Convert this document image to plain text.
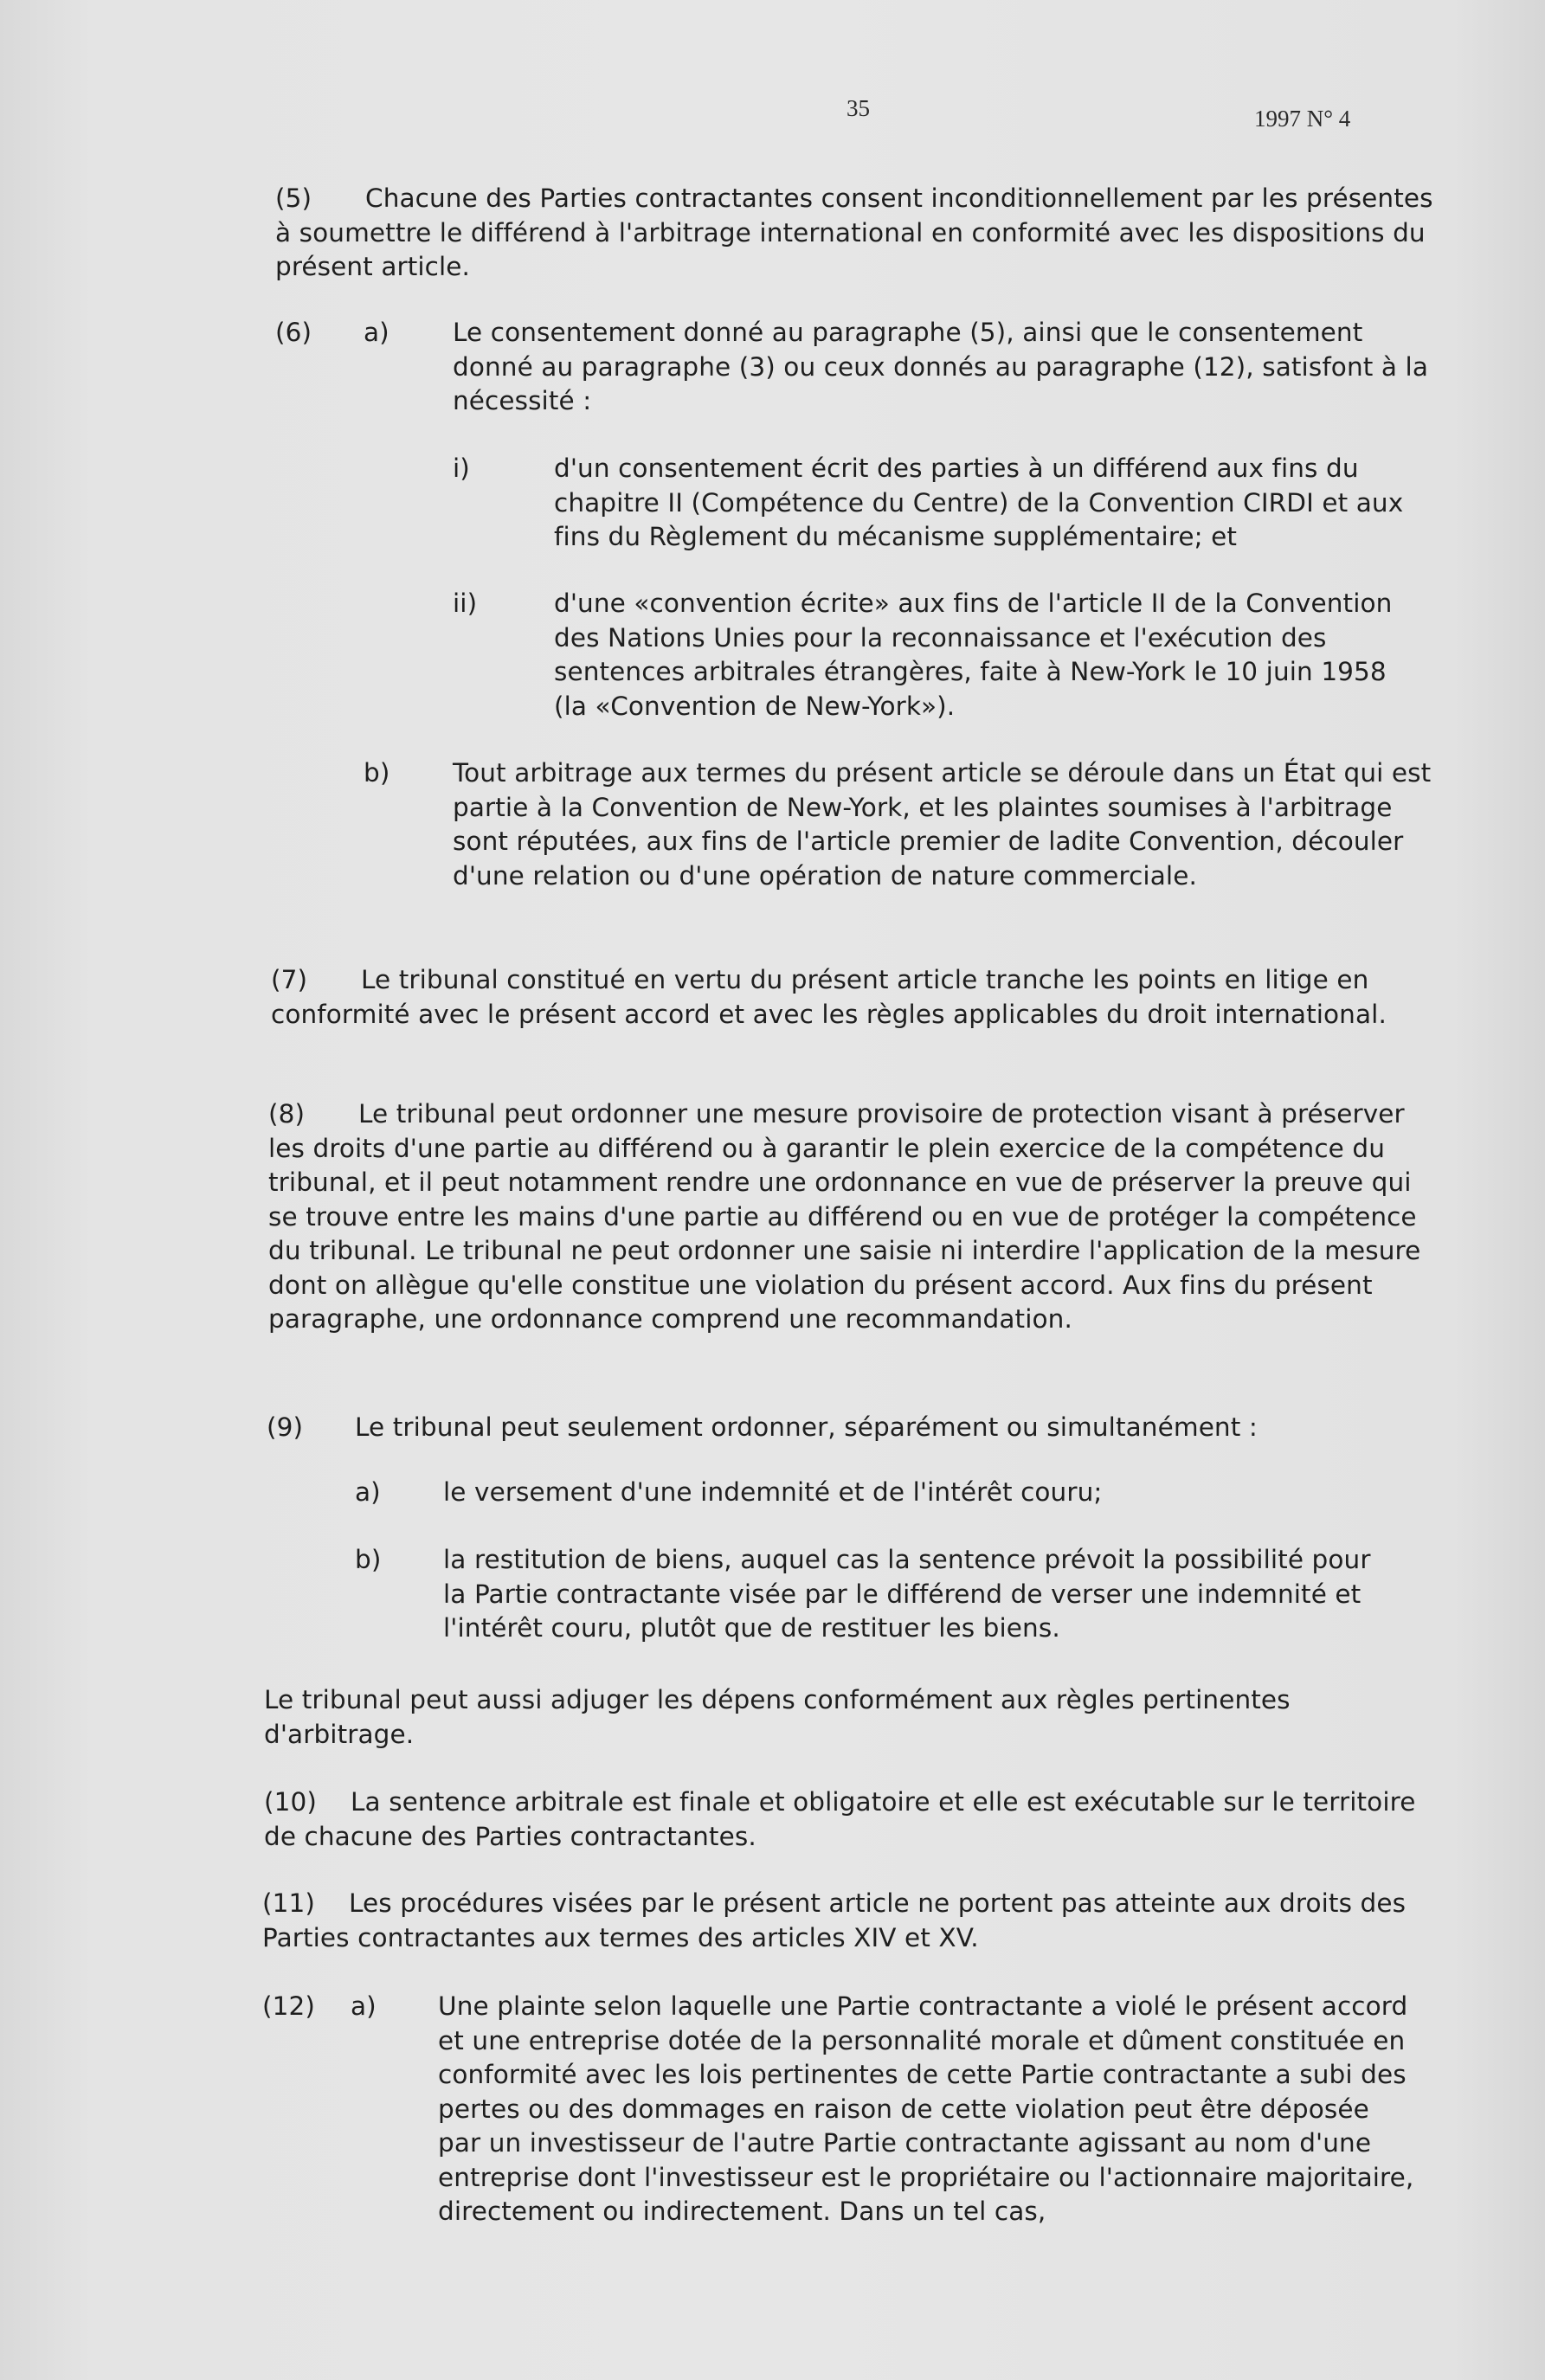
35	1997 N° 4
(5)	Chacune des Parties contractantes consent inconditionnellement par les présentes à soumettre le différend à l'arbitrage international en conformité avec les dispositions du présent article.
(6) a) Le consentement donné au paragraphe (5), ainsi que le consentement donné au paragraphe (3) ou ceux donnés au paragraphe (12), satisfont à la nécessité :
i)	d'un consentement écrit des parties à un différend aux fins du chapitre II (Compétence du Centre) de la Convention CIRDI et aux fins du Règlement du mécanisme supplémentaire; et
ii)	d'une «convention écrite» aux fins de l'article II de la Convention des Nations Unies pour la reconnaissance et l'exécution des sentences arbitrales étrangères, faite à New-York le 10 juin 1958 (la «Convention de New-York»).
b) Tout arbitrage aux termes du présent article se déroule dans un État qui est partie à la Convention de New-York, et les plaintes soumises à l'arbitrage sont réputées, aux fins de l'article premier de ladite Convention, découler d'une relation ou d'une opération de nature commerciale.
(7)	Le tribunal constitué en vertu du présent article tranche les points en litige en conformité avec le présent accord et avec les règles applicables du droit international.
(8)	Le tribunal peut ordonner une mesure provisoire de protection visant à préserver les droits d'une partie au différend ou à garantir le plein exercice de la compétence du tribunal, et il peut notamment rendre une ordonnance en vue de préserver la preuve qui se trouve entre les mains d'une partie au différend ou en vue de protéger la compétence du tribunal. Le tribunal ne peut ordonner une saisie ni interdire l'application de la mesure dont on allègue qu'elle constitue une violation du présent accord. Aux fins du présent paragraphe, une ordonnance comprend une recommandation.
(9) Le tribunal peut seulement ordonner, séparément ou simultanément :
a) le versement d'une indemnité et de l'intérêt couru;
b) la restitution de biens, auquel cas la sentence prévoit la possibilité pour la Partie contractante visée par le différend de verser une indemnité et l'intérêt couru, plutôt que de restituer les biens.
Le tribunal peut aussi adjuger les dépens conformément aux règles pertinentes d'arbitrage.
(10)	La sentence arbitrale est finale et obligatoire et elle est exécutable sur le territoire de chacune des Parties contractantes.
(11)	Les procédures visées par le présent article ne portent pas atteinte aux droits des Parties contractantes aux termes des articles XIV et XV.
(12) a) Une plainte selon laquelle une Partie contractante a violé le présent accord et une entreprise dotée de la personnalité morale et dûment constituée en conformité avec les lois pertinentes de cette Partie contractante a subi des pertes ou des dommages en raison de cette violation peut être déposée par un investisseur de l'autre Partie contractante agissant au nom d'une entreprise dont l'investisseur est le propriétaire ou l'actionnaire majoritaire, directement ou indirectement. Dans un tel cas,
